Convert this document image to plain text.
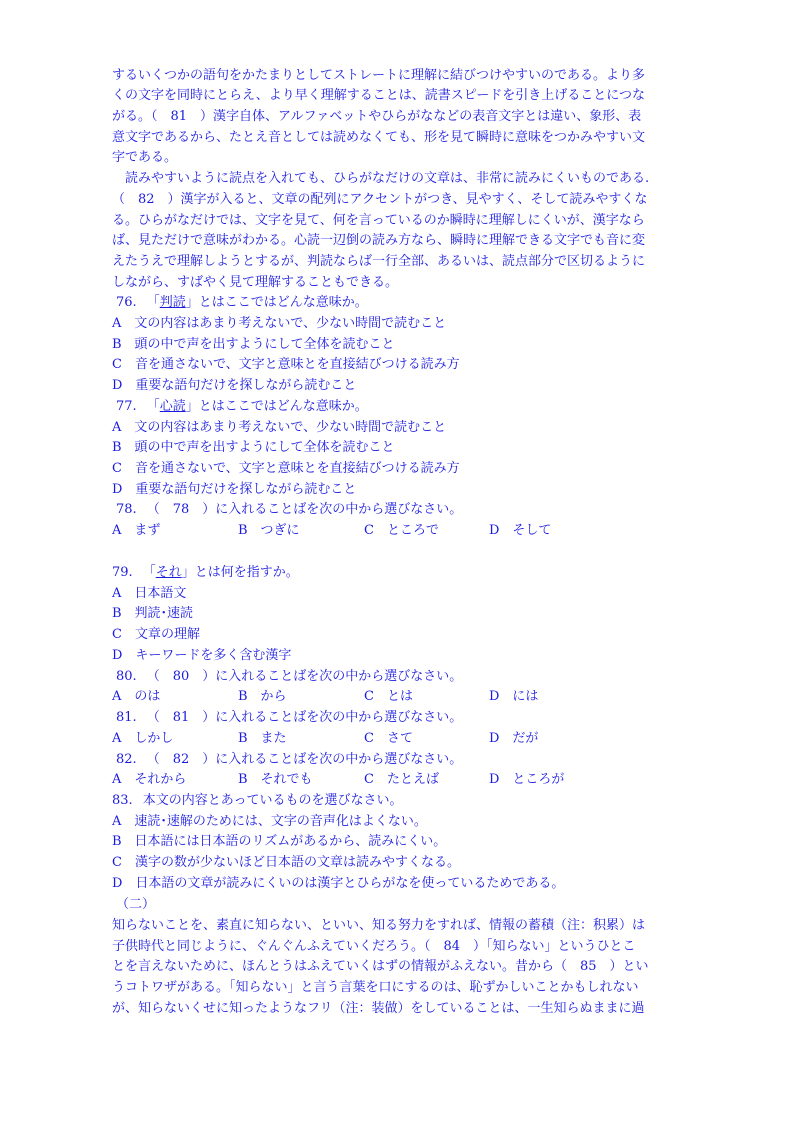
するいくつかの語句をかたまりとしてストレートに理解に結びつけやすいのである。より多
くの文字を同時にとらえ、より早く理解することは、読書スピードを引き上げることにつな
がる。（　81　）漢字自体、アルファベットやひらがななどの表音文字とは違い、象形、表
意文字であるから、たとえ音としては読めなくても、形を見て瞬時に意味をつかみやすい文
字である。
　読みやすいように読点を入れても、ひらがなだけの文章は、非常に読みにくいものである.
（　82　）漢字が入ると、文章の配列にアクセントがつき、見やすく、そして読みやすくな
る。ひらがなだけでは、文字を見て、何を言っているのか瞬時に理解しにくいが、漢字なら
ば、見ただけで意味がわかる。心読一辺倒の読み方なら、瞬時に理解できる文字でも音に変
えたうえで理解しようとするが、判読ならば一行全部、あるいは、読点部分で区切るように
しながら、すばやく見て理解することもできる。
76. 「判読」とはここではどんな意味か。
A　文の内容はあまり考えないで、少ない時間で読むこと
B　頭の中で声を出すようにして全体を読むこと
C　音を通さないで、文字と意味とを直接結びつける読み方
D　重要な語句だけを探しながら読むこと
77. 「心読」とはここではどんな意味か。
A　文の内容はあまり考えないで、少ない時間で読むこと
B　頭の中で声を出すようにして全体を読むこと
C　音を通さないで、文字と意味とを直接結びつける読み方
D　重要な語句だけを探しながら読むこと
78. （　78　）に入れることばを次の中から選びなさい。
A　まず	B　つぎに	C　ところで	D　そして
79. 「それ」とは何を指すか。
A　日本語文
B　判読･速読
C　文章の理解
D　キーワードを多く含む漢字
80. （　80　）に入れることばを次の中から選びなさい。
A　のは	B　から	C　とは	D　には
81. （　81　）に入れることばを次の中から選びなさい。
A　しかし	B　また	C　さて	D　だが
82. （　82　）に入れることばを次の中から選びなさい。
A　それから	B　それでも	C　たとえば	D　ところが
83. 本文の内容とあっているものを選びなさい。
A　速読･速解のためには、文字の音声化はよくない。
B　日本語には日本語のリズムがあるから、読みにくい。
C　漢字の数が少ないほど日本語の文章は読みやすくなる。
D　日本語の文章が読みにくいのは漢字とひらがなを使っているためである。
（二）
知らないことを、素直に知らない、といい、知る努力をすれば、情報の蓄積（注：积累）は
子供時代と同じように、ぐんぐんふえていくだろう。（　84　）「知らない」というひとこ
とを言えないために、ほんとうはふえていくはずの情報がふえない。昔から（　85　）とい
うコトワザがある。「知らない」と言う言葉を口にするのは、恥ずかしいことかもしれない
が、知らないくせに知ったようなフリ（注：装做）をしていることは、一生知らぬままに過
